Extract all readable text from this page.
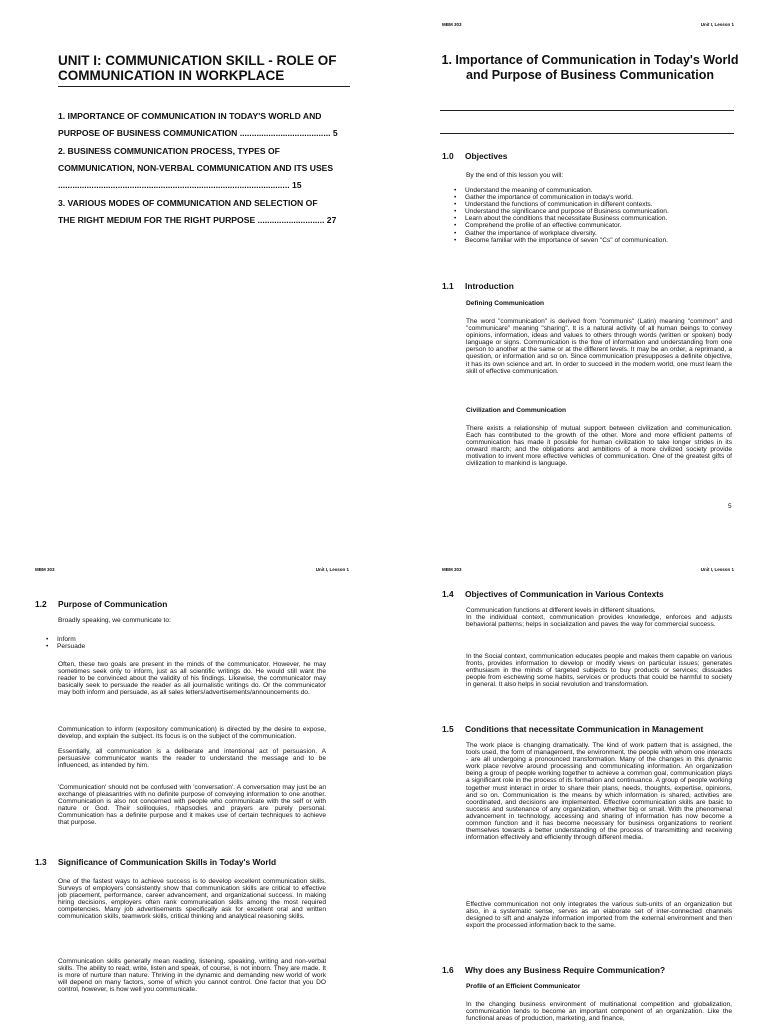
UNIT I: COMMUNICATION SKILL - ROLE OF COMMUNICATION IN WORKPLACE
1. IMPORTANCE OF COMMUNICATION IN TODAY'S WORLD AND
PURPOSE OF BUSINESS COMMUNICATION ...................................... 5
2. BUSINESS COMMUNICATION PROCESS, TYPES OF
COMMUNICATION, NON-VERBAL COMMUNICATION AND ITS USES
................................................................................................. 15
3. VARIOUS MODES OF COMMUNICATION AND SELECTION OF
THE RIGHT MEDIUM FOR THE RIGHT PURPOSE ............................ 27
MBM 303	Unit I, Lesson 1
1. Importance of Communication in Today's World and Purpose of Business Communication
1.0 Objectives

By the end of this lesson you will:

• Understand the meaning of communication.
• Gather the importance of communication in today's world.
• Understand the functions of communication in different contexts.
• Understand the significance and purpose of Business communication.
• Learn about the conditions that necessitate Business communication.
• Comprehend the profile of an effective communicator.
• Gather the importance of workplace diversity.
• Become familiar with the importance of seven "Cs" of communication.
1.1 Introduction
Defining Communication

The word "communication" is derived from "communis" (Latin) meaning "common" and "communicare" meaning "sharing". It is a natural activity of all human beings to convey opinions, information, ideas and values to others through words (written or spoken) body language or signs. Communication is the flow of information and understanding from one person to another at the same or at the different levels. It may be an order, a reprimand, a question, or information and so on. Since communication presupposes a definite objective, it has its own science and art. In order to succeed in the modern world, one must learn the skill of effective communication.

Civilization and Communication

There exists a relationship of mutual support between civilization and communication. Each has contributed to the growth of the other. More and more efficient patterns of communication has made it possible for human civilization to take longer strides in its onward march; and the obligations and ambitions of a more civilized society provide motivation to invent more effective vehicles of communication. One of the greatest gifts of civilization to mankind is language.

5
MBM 303	Unit I, Lesson 1
1.2 Purpose of Communication

Broadly speaking, we communicate to:

• Inform
• Persuade

Often, these two goals are present in the minds of the communicator. However, he may sometimes seek only to inform, just as all scientific writings do. He would still want the reader to be convinced about the validity of his findings. Likewise, the communicator may basically seek to persuade the reader as all journalistic writings do. Or the communicator may both inform and persuade, as all sales letters/advertisements/announcements do.

Communication to inform (expository communication) is directed by the desire to expose, develop, and explain the subject. Its focus is on the subject of the communication.

Essentially, all communication is a deliberate and intentional act of persuasion. A persuasive communicator wants the reader to understand the message and to be influenced, as intended by him.

'Communication' should not be confused with 'conversation'. A conversation may just be an exchange of pleasantries with no definite purpose of conveying information to one another. Communication is also not concerned with people who communicate with the self or with nature or God. Their soliloquies, rhapsodies and prayers are purely personal. Communication has a definite purpose and it makes use of certain techniques to achieve that purpose.

1.3 Significance of Communication Skills in Today's World

One of the fastest ways to achieve success is to develop excellent communication skills. Surveys of employers consistently show that communication skills are critical to effective job placement, performance, career advancement, and organizational success. In making hiring decisions, employers often rank communication skills among the most required competencies. Many job advertisements specifically ask for excellent oral and written communication skills, teamwork skills, critical thinking and analytical reasoning skills.

Communication skills generally mean reading, listening, speaking, writing and non-verbal skills. The ability to read, write, listen and speak, of course, is not inborn. They are made. It is more of nurture than nature. Thriving in the dynamic and demanding new world of work will depend on many factors, some of which you cannot control. One factor that you DO control, however, is how well you communicate.

MBM 303	Unit I, Lesson 1
1.4 Objectives of Communication in Various Contexts

Communication functions at different levels in different situations.

In the individual context, communication provides knowledge, enforces and adjusts behavioral patterns; helps in socialization and paves the way for commercial success.

In the Social context, communication educates people and makes them capable on various fronts, provides information to develop or modify views on particular issues; generates enthusiasm in the minds of targeted subjects to buy products or services; dissuades people from eschewing some habits, services or products that could be harmful to society in general. It also helps in social revolution and transformation.

1.5 Conditions that necessitate Communication in Management

The work place is changing dramatically. The kind of work pattern that is assigned, the tools used, the form of management, the environment, the people with whom one interacts - are all undergoing a pronounced transformation. Many of the changes in this dynamic work place revolve around processing and communicating information. An organization being a group of people working together to achieve a common goal, communication plays a significant role in the process of its formation and continuance. A group of people working together must interact in order to share their plans, needs, thoughts, expertise, opinions, and so on. Communication is the means by which information is shared, activities are coordinated, and decisions are implemented. Effective communication skills are basic to success and sustenance of any organization, whether big or small. With the phenomenal advancement in technology, accessing and sharing of information has now become a common function and it has become necessary for business organizations to reorient themselves towards a better understanding of the process of transmitting and receiving information effectively and efficiently through different media.

Effective communication not only integrates the various sub-units of an organization but also, in a systematic sense, serves as an elaborate set of inter-connected channels designed to sift and analyze information imported from the external environment and then export the processed information back to the same.

1.6 Why does any Business Require Communication?
Profile of an Efficient Communicator

In the changing business environment of multinational competition and globalization, communication tends to become an important component of an organization. Like the functional areas of production, marketing, and finance,
